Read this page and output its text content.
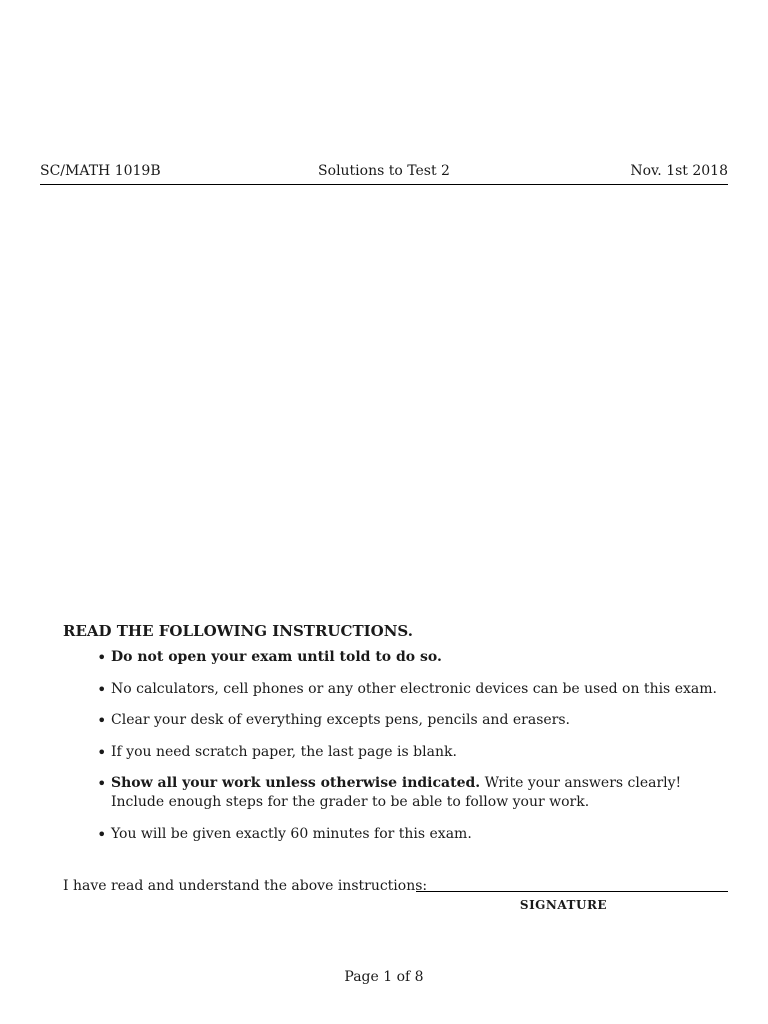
SC/MATH 1019B	Solutions to Test 2	Nov. 1st 2018
READ THE FOLLOWING INSTRUCTIONS.
• Do not open your exam until told to do so.
• No calculators, cell phones or any other electronic devices can be used on this exam.
• Clear your desk of everything excepts pens, pencils and erasers.
• If you need scratch paper, the last page is blank.
• Show all your work unless otherwise indicated. Write your answers clearly!
Include enough steps for the grader to be able to follow your work.
• You will be given exactly 60 minutes for this exam.
I have read and understand the above instructions:
SIGNATURE
Page 1 of 8
